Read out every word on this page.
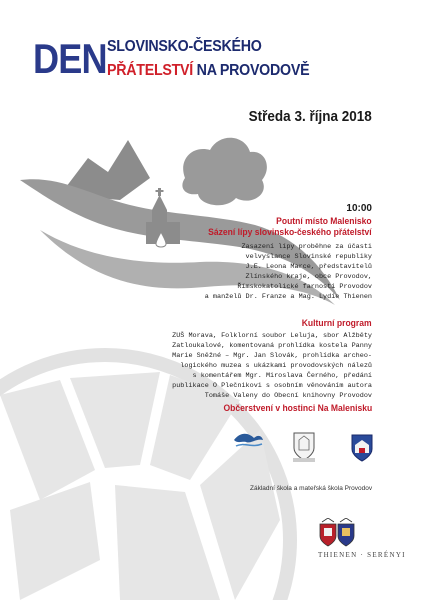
DEN SLOVINSKO-ČESKÉHO
PŘÁTELSTVÍ NA PROVODOVĚ
Středa 3. října 2018
10:00
Poutní místo Malenisko
Sázení lípy slovinsko-českého přátelství
Zasazení lípy proběhne za účasti
velvyslance Slovinské republiky
J.E. Leona Marce, představitelů
Zlínského kraje, obce Provodov,
Římskokatolické farnosti Provodov
a manželů Dr. Franze a Mag. Lydie Thienen
Kulturní program
ZUŠ Morava, Folklorní soubor Leluja, sbor Alžběty
Zatloukalové, komentovaná prohlídka kostela Panny
Marie Sněžné – Mgr. Jan Slovák, prohlídka archeo-
logického muzea s ukázkami provodovských nálezů
s komentářem Mgr. Miroslava Černého, předání
publikace O Plečnikovi s osobním věnováním autora
Tomáše Valeny do Obecní knihovny Provodov
Občerstvení v hostinci Na Malenisku
Základní škola a mateřská škola Provodov
THIENEN · SERÉNYI
